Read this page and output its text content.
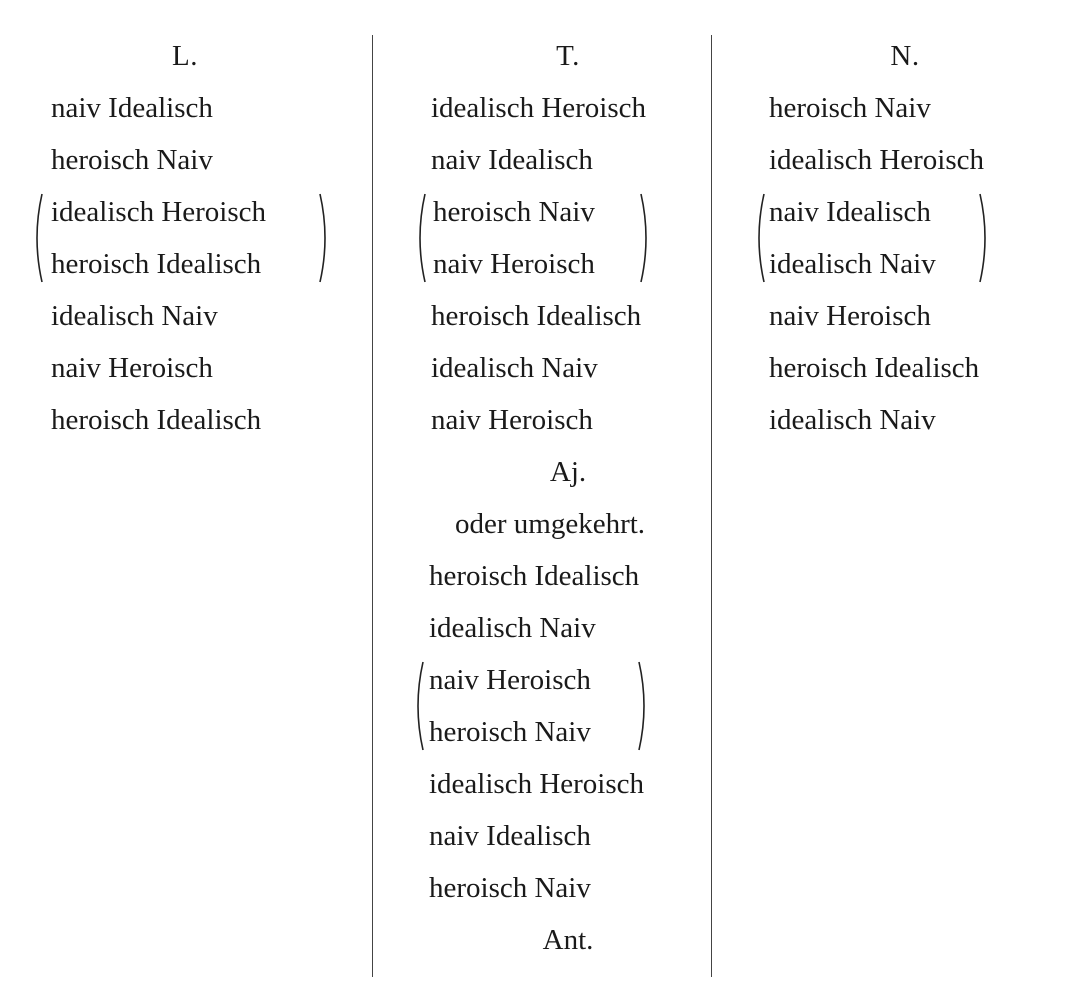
L.
naiv Idealisch
heroisch Naiv
idealisch Heroisch
heroisch Idealisch
idealisch Naiv
naiv Heroisch
heroisch Idealisch
T.
idealisch Heroisch
naiv Idealisch
heroisch Naiv
naiv Heroisch
heroisch Idealisch
idealisch Naiv
naiv Heroisch
Aj.
oder umgekehrt.
heroisch Idealisch
idealisch Naiv
naiv Heroisch
heroisch Naiv
idealisch Heroisch
naiv Idealisch
heroisch Naiv
Ant.
N.
heroisch Naiv
idealisch Heroisch
naiv Idealisch
idealisch Naiv
naiv Heroisch
heroisch Idealisch
idealisch Naiv
